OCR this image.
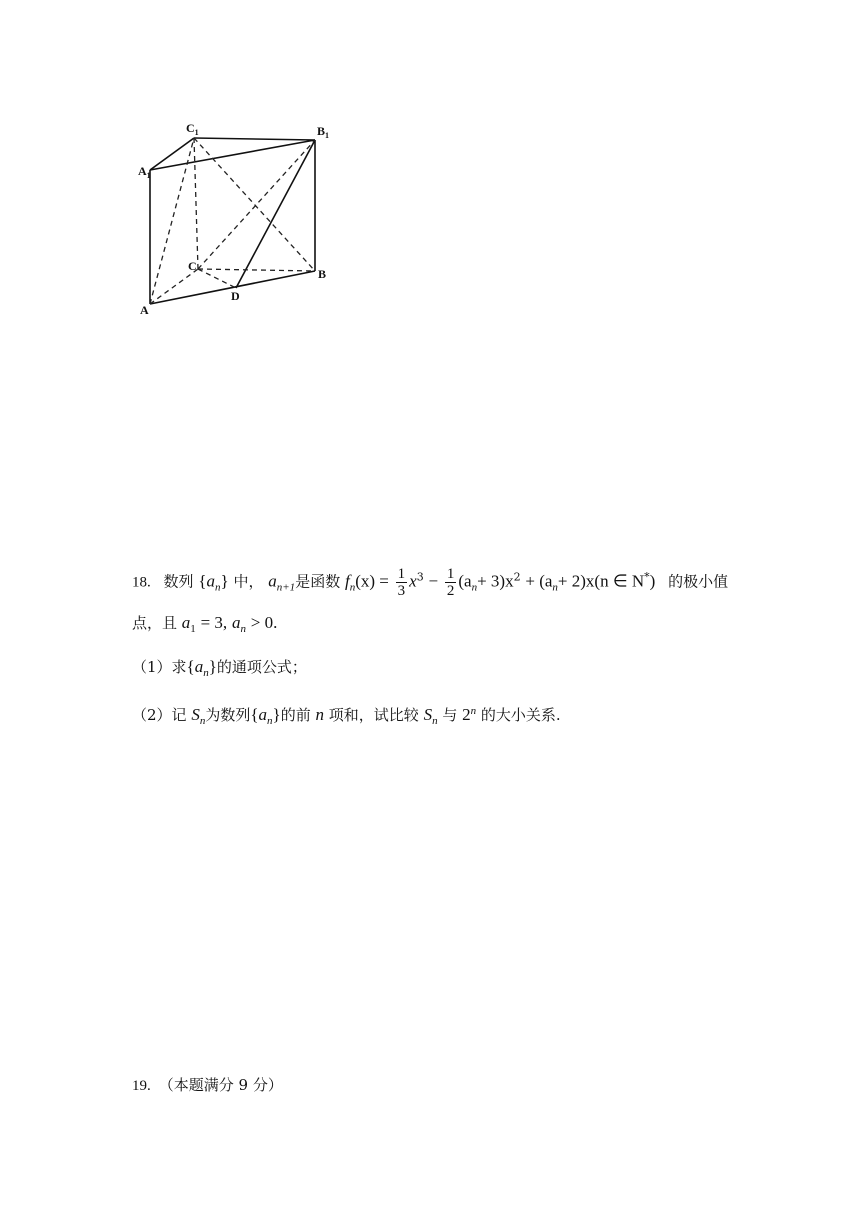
$C_1$	$B_1$
$A_1$
C
B
D
A
18. 数列 $\{a_n\}$ 中， $a_{n+1}$是函数 $f_n(x) = \frac{1}{3} x^3 - \frac{1}{2} (a_n+ 3)x^2 + (a_n+ 2)x(n$ ∈ N*) 的极小值
点，且 $a_1 = 3$, $a_n > 0$.
（1）求$\{a_n\}$的通项公式；
（2）记 $S_n$为数列$\{a_n\}$的前 n 项和，试比较 $S_n$ 与 2$^n$ 的大小关系.
19. （本题满分 9 分）
